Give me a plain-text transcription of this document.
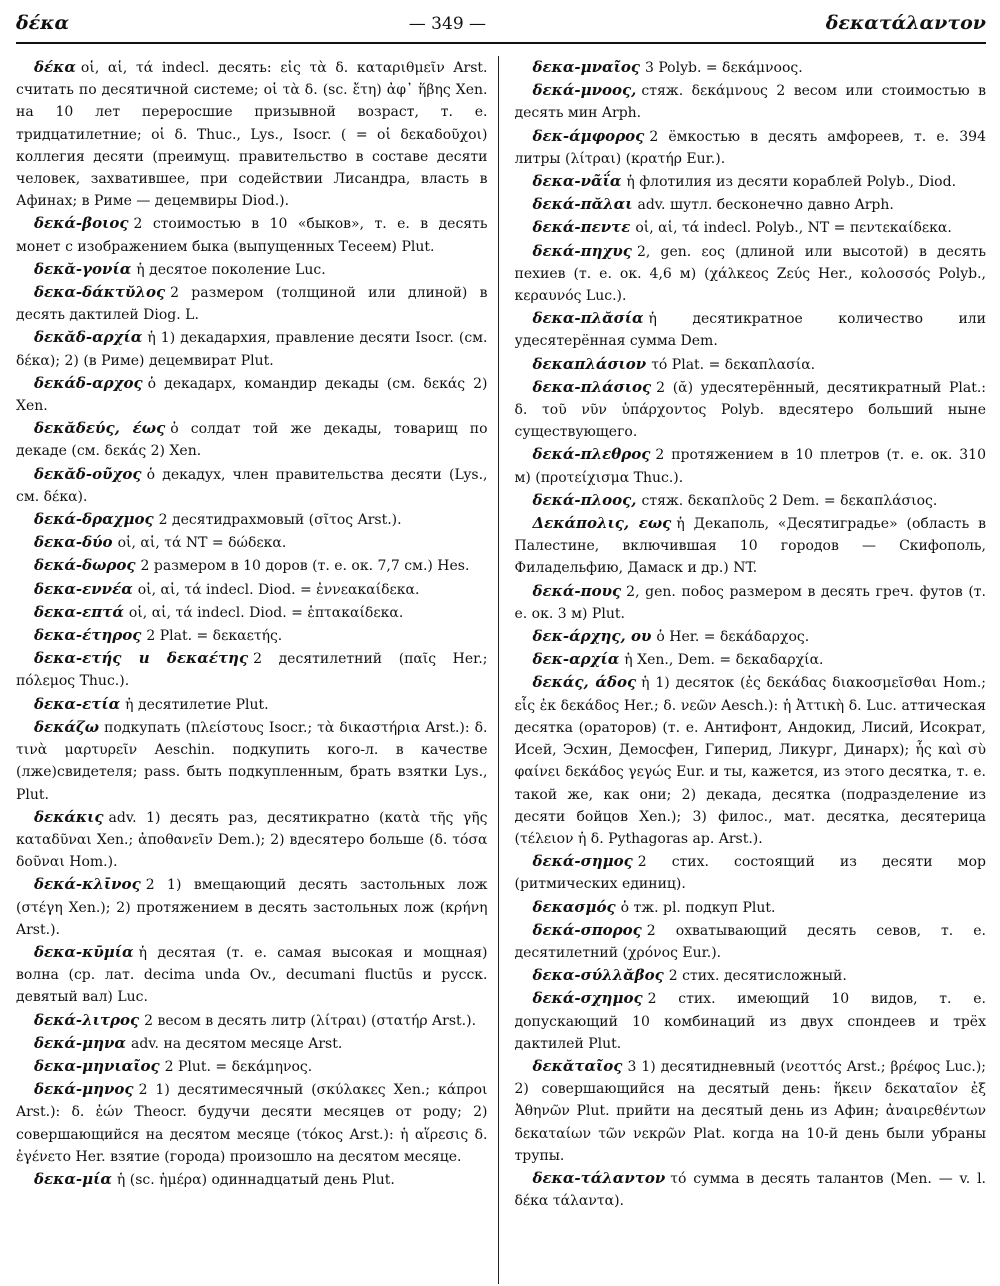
δέκα	— 349 —	δεκατάλαντον

δέκα οἱ, αἱ, τά indecl. десять: εἰς τὰ δ. καταριθμεῖν Arst. считать по десятичной системе; οἱ τὰ δ. (sc. ἔτη) ἀφ᾽ ἥβης Xen. на 10 лет переросшие призывной возраст, т. е. тридцатилетние; οἱ δ. Thuc., Lys., Isocr. ( = οἱ δεκαδοῦχοι) коллегия десяти (преимущ. правительство в составе десяти человек, захватившее, при содействии Лисандра, власть в Афинах; в Риме — децемвиры Diod.).

δεκά-βοιος 2 стоимостью в 10 «быков», т. е. в десять монет с изображением быка (выпущенных Тесеем) Plut.

δεκᾰ-γονία ἡ десятое поколение Luc.

δεκα-δάκτῠλος 2 размером (толщиной или длиной) в десять дактилей Diog. L.

δεκᾰδ-αρχία ἡ 1) декадархия, правление десяти Isocr. (см. δέκα); 2) (в Риме) децемвират Plut.

δεκάδ-αρχος ὁ декадарх, командир декады (см. δεκάς 2) Xen.

δεκᾰδεύς, έως ὁ солдат той же декады, товарищ по декаде (см. δεκάς 2) Xen.

δεκᾰδ-οῦχος ὁ декадух, член правительства десяти (Lys., см. δέκα).

δεκά-δραχμος 2 десятидрахмовый (σῖτος Arst.).

δεκα-δύο οἱ, αἱ, τά NT = δώδεκα.

δεκά-δωρος 2 размером в 10 доров (т. е. ок. 7,7 см.) Hes.

δεκα-εννέα οἱ, αἱ, τά indecl. Diod. = ἐννεακαίδεκα.

δεκα-επτά οἱ, αἱ, τά indecl. Diod. = ἑπτακαίδεκα.

δεκα-έτηρος 2 Plat. = δεκαετής.

δεκα-ετής и δεκαέτης 2 десятилетний (παῖς Her.; πόλεμος Thuc.).

δεκα-ετία ἡ десятилетие Plut.

δεκάζω подкупать (πλείστους Isocr.; τὰ δικαστήρια Arst.): δ. τινὰ μαρτυρεῖν Aeschin. подкупить кого-л. в качестве (лже)свидетеля; pass. быть подкупленным, брать взятки Lys., Plut.

δεκάκις adv. 1) десять раз, десятикратно (κατὰ τῆς γῆς καταδῦναι Xen.; ἀποθανεῖν Dem.); 2) вдесятеро больше (δ. τόσα δοῦναι Hom.).

δεκά-κλῑνος 2 1) вмещающий десять застольных лож (στέγη Xen.); 2) протяжением в десять застольных лож (κρήνη Arst.).

δεκα-κῡμία ἡ десятая (т. е. самая высокая и мощная) волна (ср. лат. decima unda Ov., decumani fluctūs и русск. девятый вал) Luc.

δεκά-λιτρος 2 весом в десять литр (λίτραι) (στατήρ Arst.).

δεκά-μηνα adv. на десятом месяце Arst.

δεκα-μηνιαῖος 2 Plut. = δεκάμηνος.

δεκά-μηνος 2 1) десятимесячный (σκύλακες Xen.; κάπροι Arst.): δ. ἐών Theocr. будучи десяти месяцев от роду; 2) совершающийся на десятом месяце (τόκος Arst.): ἡ αἵρεσις δ. ἐγένετο Her. взятие (города) произошло на десятом месяце.

δεκα-μία ἡ (sc. ἡμέρα) одиннадцатый день Plut.

δεκα-μναῖος 3 Polyb. = δεκάμνοος.

δεκά-μνοος, стяж. δεκάμνους 2 весом или стоимостью в десять мин Arph.

δεκ-άμφορος 2 ёмкостью в десять амфореев, т. е. 394 литры (λίτραι) (κρατήρ Eur.).

δεκα-νᾶΐα ἡ флотилия из десяти кораблей Polyb., Diod.

δεκά-πᾰλαι adv. шутл. бесконечно давно Arph.

δεκά-πεντε οἱ, αἱ, τά indecl. Polyb., NT = πεντεκαίδεκα.

δεκά-πηχυς 2, gen. εος (длиной или высотой) в десять пехиев (т. е. ок. 4,6 м) (χάλκεος Ζεύς Her., κολοσσός Polyb., κεραυνός Luc.).

δεκα-πλᾰσία ἡ десятикратное количество или удесятерённая сумма Dem.

δεκαπλάσιον τό Plat. = δεκαπλασία.

δεκα-πλάσιος 2 (ᾰ) удесятерённый, десятикратный Plat.: δ. τοῦ νῦν ὑπάρχοντος Polyb. вдесятеро больший ныне существующего.

δεκά-πλεθρος 2 протяжением в 10 плетров (т. е. ок. 310 м) (προτείχισμα Thuc.).

δεκά-πλοος, стяж. δεκαπλοῦς 2 Dem. = δεκαπλάσιος.

Δεκάπολις, εως ἡ Декаполь, «Десятиградье» (область в Палестине, включившая 10 городов — Скифополь, Филадельфию, Дамаск и др.) NT.

δεκά-πους 2, gen. ποδος размером в десять греч. футов (т. е. ок. 3 м) Plut.

δεκ-άρχης, ου ὁ Her. = δεκάδαρχος.

δεκ-αρχία ἡ Xen., Dem. = δεκαδαρχία.

δεκάς, άδος ἡ 1) десяток (ἐς δεκάδας διακοσμεῖσθαι Hom.; εἷς ἐκ δεκάδος Her.; δ. νεῶν Aesch.): ἡ Ἀττικὴ δ. Luc. аттическая десятка (ораторов) (т. е. Антифонт, Андокид, Лисий, Исократ, Исей, Эсхин, Демосфен, Гиперид, Ликург, Динарх); ἧς καὶ σὺ φαίνει δεκάδος γεγώς Eur. и ты, кажется, из этого десятка, т. е. такой же, как они; 2) декада, десятка (подразделение из десяти бойцов Xen.); 3) филос., мат. десятка, десятерица (τέλειον ἡ δ. Pythagoras ap. Arst.).

δεκά-σημος 2 стих. состоящий из десяти мор (ритмических единиц).

δεκασμός ὁ тж. pl. подкуп Plut.

δεκά-σπορος 2 охватывающий десять севов, т. е. десятилетний (χρόνος Eur.).

δεκα-σύλλᾰβος 2 стих. десятисложный.

δεκά-σχημος 2 стих. имеющий 10 видов, т. е. допускающий 10 комбинаций из двух спондеев и трёх дактилей Plut.

δεκᾰταῖος 3 1) десятидневный (νεοττός Arst.; βρέφος Luc.); 2) совершающийся на десятый день: ἥκειν δεκαταῖον ἐξ Ἀθηνῶν Plut. прийти на десятый день из Афин; ἀναιρεθέντων δεκαταίων τῶν νεκρῶν Plat. когда на 10-й день были убраны трупы.

δεκα-τάλαντον τό сумма в десять талантов (Men. — v. l. δέκα τάλαντα).
